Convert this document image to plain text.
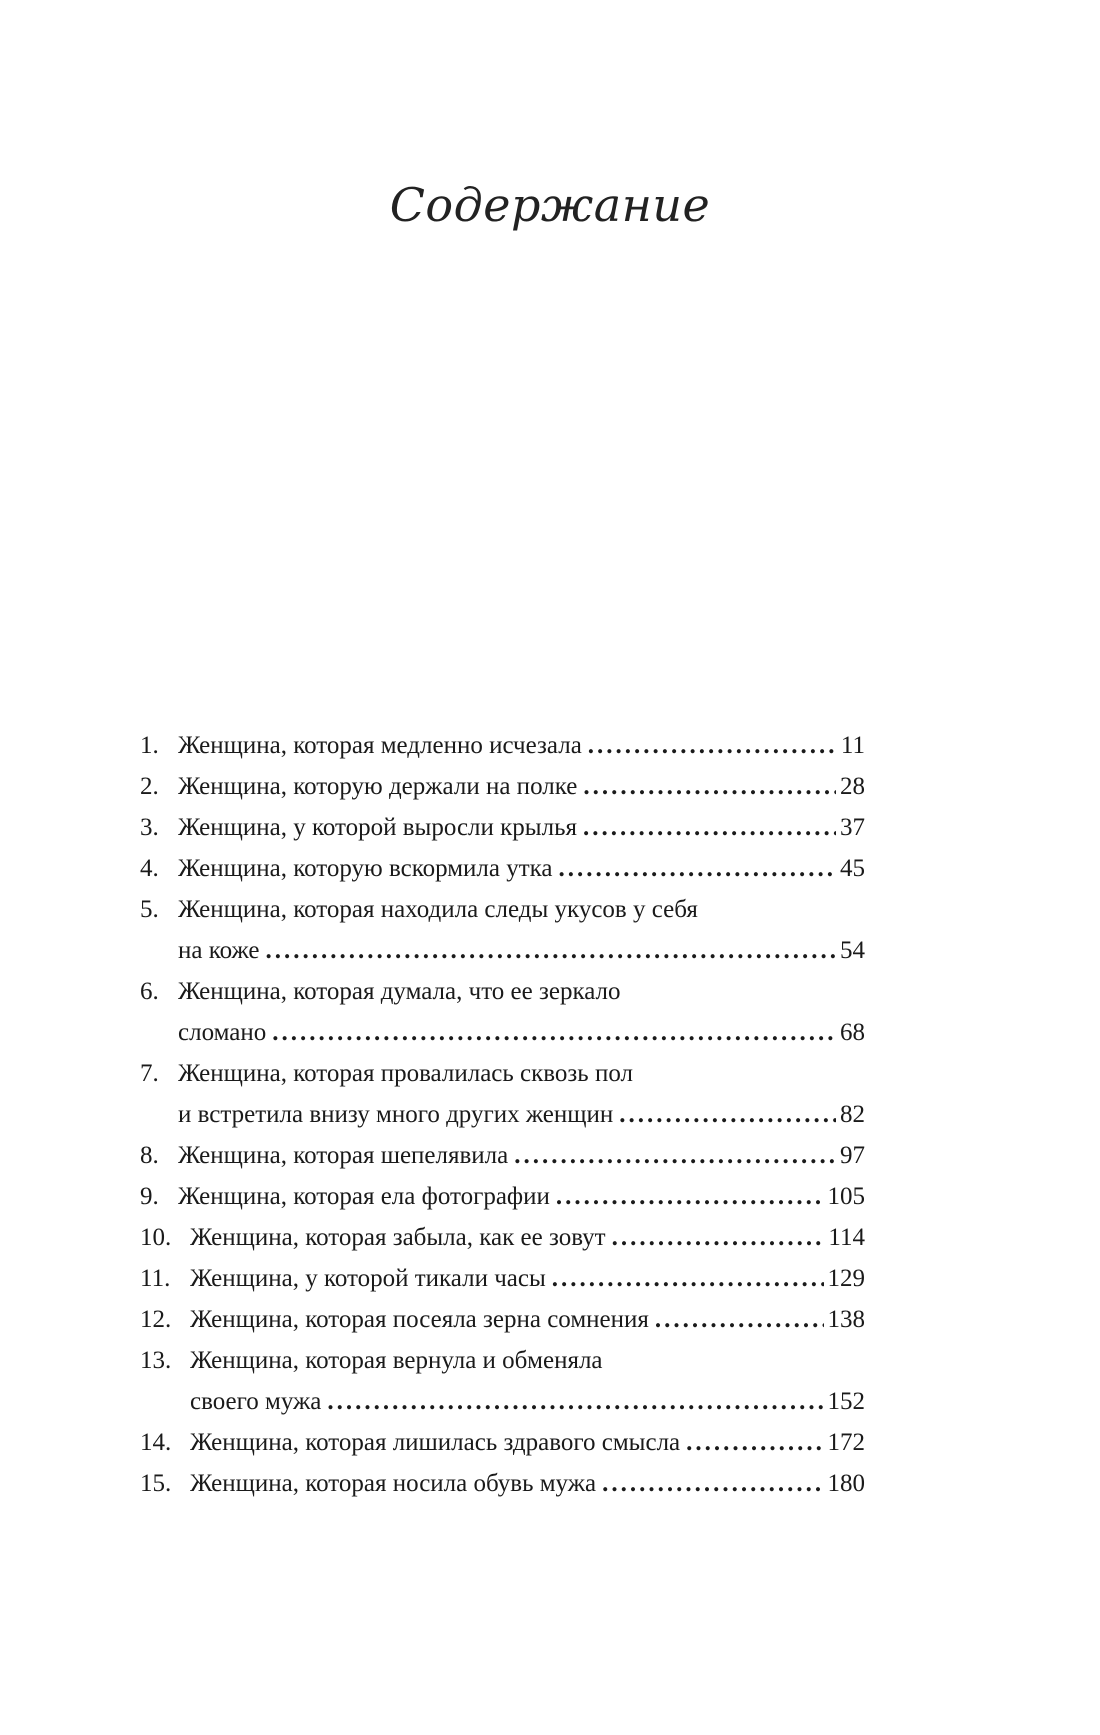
Содержание
1. Женщина, которая медленно исчезала .....	11
2. Женщина, которую держали на полке .....	28
3. Женщина, у которой выросли крылья .....	37
4. Женщина, которую вскормила утка .....	45
5. Женщина, которая находила следы укусов у себя
на коже .....	54
6. Женщина, которая думала, что ее зеркало
сломано .....	68
7. Женщина, которая провалилась сквозь пол
и встретила внизу много других женщин .....	82
8. Женщина, которая шепелявила .....	97
9. Женщина, которая ела фотографии .....	105
10. Женщина, которая забыла, как ее зовут .....	114
11. Женщина, у которой тикали часы .....	129
12. Женщина, которая посеяла зерна сомнения .....	138
13. Женщина, которая вернула и обменяла
своего мужа .....	152
14. Женщина, которая лишилась здравого смысла .....	172
15. Женщина, которая носила обувь мужа .....	180
